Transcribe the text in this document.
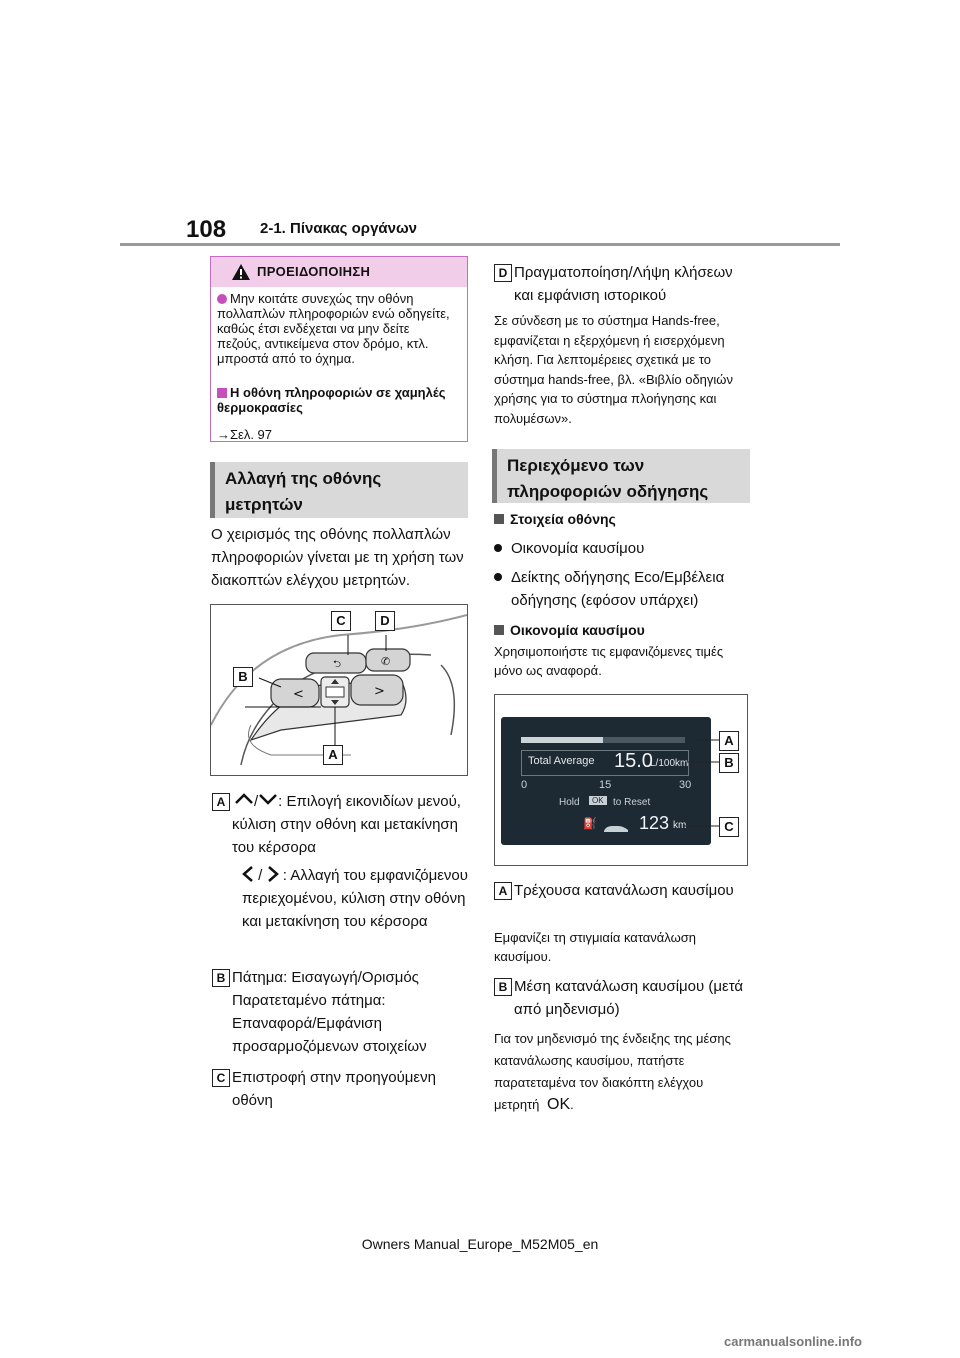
108 2-1. Πίνακας οργάνων
ΠΡΟΕΙΔΟΠΟΙΗΣΗ
Μην κοιτάτε συνεχώς την οθόνη πολλαπλών πληροφοριών ενώ οδηγείτε, καθώς έτσι ενδέχεται να μην δείτε πεζούς, αντικείμενα στον δρόμο, κτλ. μπροστά από το όχημα.
Η οθόνη πληροφοριών σε χαμηλές θερμοκρασίες
→Σελ. 97
Αλλαγή της οθόνης μετρητών
Ο χειρισμός της οθόνης πολλαπλών πληροφοριών γίνεται με τη χρήση των διακοπτών ελέγχου μετρητών.
⮌	✆
<	>
C	D
B
A
A	/ : Επιλογή εικονιδίων μενού, κύλιση στην οθόνη και μετακίνηση του κέρσορα
/ : Αλλαγή του εμφανιζόμενου περιεχομένου, κύλιση στην οθόνη και μετακίνηση του κέρσορα
B Πάτημα: Εισαγωγή/Ορισμός Παρατεταμένο πάτημα: Επαναφορά/Εμφάνιση προσαρμοζόμενων στοιχείων
C Επιστροφή στην προηγούμενη οθόνη
D Πραγματοποίηση/Λήψη κλήσεων και εμφάνιση ιστορικού
Σε σύνδεση με το σύστημα Hands-free, εμφανίζεται η εξερχόμενη ή εισερχόμενη κλήση. Για λεπτομέρειες σχετικά με το σύστημα hands-free, βλ. «Βιβλίο οδηγιών χρήσης για το σύστημα πλοήγησης και πολυμέσων».
Περιεχόμενο των πληροφοριών οδήγησης
Στοιχεία οθόνης
Οικονομία καυσίμου
Δείκτης οδήγησης Eco/Εμβέλεια οδήγησης (εφόσον υπάρχει)
Οικονομία καυσίμου
Χρησιμοποιήστε τις εμφανιζόμενες τιμές μόνο ως αναφορά.
Total Average 15.0
L/100km
0	15	30
Hold	OK to Reset
⛽ 123 km
A
B
C
A Τρέχουσα κατανάλωση καυσίμου
Εμφανίζει τη στιγμιαία κατανάλωση καυσίμου.
B Μέση κατανάλωση καυσίμου (μετά από μηδενισμό)
Για τον μηδενισμό της ένδειξης της μέσης κατανάλωσης καυσίμου, πατήστε παρατεταμένα τον διακόπτη ελέγχου μετρητή OK.
Owners Manual_Europe_M52M05_en
carmanualsonline.info
